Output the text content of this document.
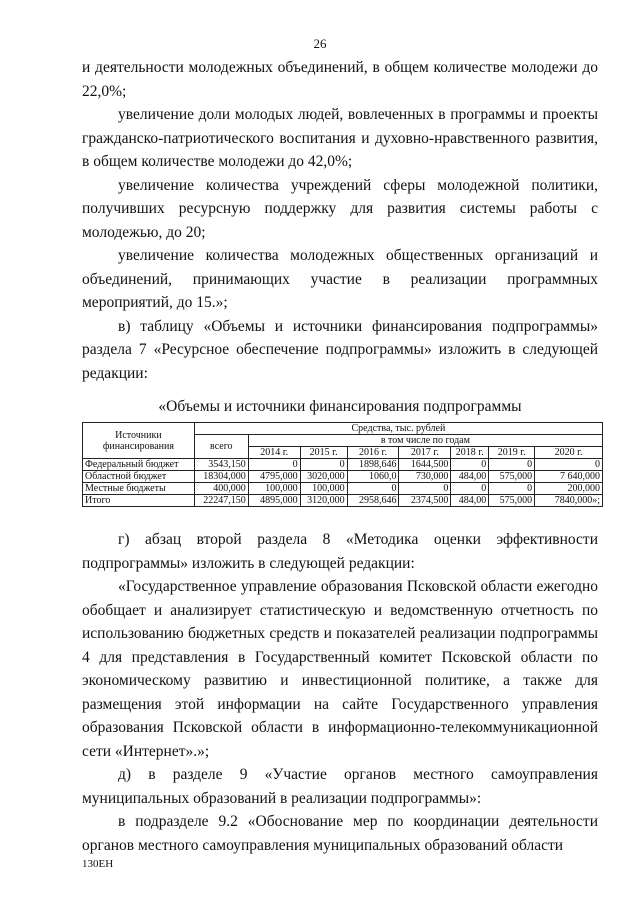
26

и деятельности молодежных объединений, в общем количестве молодежи до 22,0%;

увеличение доли молодых людей, вовлеченных в программы и проекты гражданско-патриотического воспитания и духовно-нравственного развития, в общем количестве молодежи до 42,0%;

увеличение количества учреждений сферы молодежной политики, получивших ресурсную поддержку для развития системы работы с молодежью, до 20;

увеличение количества молодежных общественных организаций и объединений, принимающих участие в реализации программных мероприятий, до 15.»;

в) таблицу «Объемы и источники финансирования подпрограммы» раздела 7 «Ресурсное обеспечение подпрограммы» изложить в следующей редакции:

«Объемы и источники финансирования подпрограммы
Источники финансирования	Средства, тыс. рублей							
	всего	в том числе по годам						
		2014 г.	2015 г.	2016 г.	2017 г.	2018 г.	2019 г.	2020 г.
Федеральный бюджет	3543,150	0	0	1898,646	1644,500	0	0	0
Областной бюджет	18304,000	4795,000	3020,000	1060,0	730,000	484,00	575,000	7 640,000
Местные бюджеты	400,000	100,000	100,000	0	0	0	0	200,000
Итого	22247,150	4895,000	3120,000	2958,646	2374,500	484,00	575,000	7840,000»;

г) абзац второй раздела 8 «Методика оценки эффективности подпрограммы» изложить в следующей редакции:

«Государственное управление образования Псковской области ежегодно обобщает и анализирует статистическую и ведомственную отчетность по использованию бюджетных средств и показателей реализации подпрограммы 4 для представления в Государственный комитет Псковской области по экономическому развитию и инвестиционной политике, а также для размещения этой информации на сайте Государственного управления образования Псковской области в информационно-телекоммуникационной сети «Интернет».»;

д) в разделе 9 «Участие органов местного самоуправления муниципальных образований в реализации подпрограммы»:

в подразделе 9.2 «Обоснование мер по координации деятельности органов местного самоуправления муниципальных образований области

130ЕН
